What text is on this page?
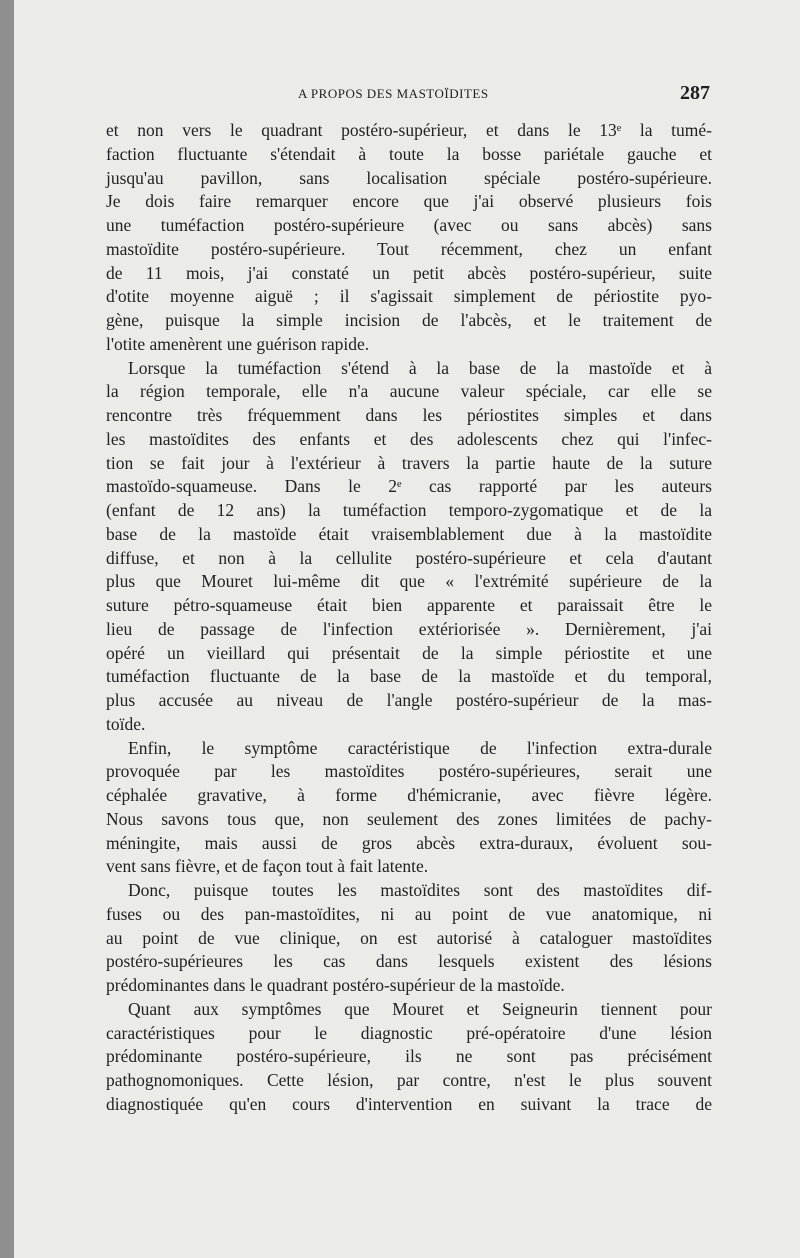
A PROPOS DES MASTOÏDITES	287
et non vers le quadrant postéro-supérieur, et dans le 13ᵉ la tumé-
faction fluctuante s'étendait à toute la bosse pariétale gauche et
jusqu'au pavillon, sans localisation spéciale postéro-supérieure.
Je dois faire remarquer encore que j'ai observé plusieurs fois
une tuméfaction postéro-supérieure (avec ou sans abcès) sans
mastoïdite postéro-supérieure. Tout récemment, chez un enfant
de 11 mois, j'ai constaté un petit abcès postéro-supérieur, suite
d'otite moyenne aiguë ; il s'agissait simplement de périostite pyo-
gène, puisque la simple incision de l'abcès, et le traitement de
l'otite amenèrent une guérison rapide.
Lorsque la tuméfaction s'étend à la base de la mastoïde et à
la région temporale, elle n'a aucune valeur spéciale, car elle se
rencontre très fréquemment dans les périostites simples et dans
les mastoïdites des enfants et des adolescents chez qui l'infec-
tion se fait jour à l'extérieur à travers la partie haute de la suture
mastoïdo-squameuse. Dans le 2ᵉ cas rapporté par les auteurs
(enfant de 12 ans) la tuméfaction temporo-zygomatique et de la
base de la mastoïde était vraisemblablement due à la mastoïdite
diffuse, et non à la cellulite postéro-supérieure et cela d'autant
plus que Mouret lui-même dit que « l'extrémité supérieure de la
suture pétro-squameuse était bien apparente et paraissait être le
lieu de passage de l'infection extériorisée ». Dernièrement, j'ai
opéré un vieillard qui présentait de la simple périostite et une
tuméfaction fluctuante de la base de la mastoïde et du temporal,
plus accusée au niveau de l'angle postéro-supérieur de la mas-
toïde.
Enfin, le symptôme caractéristique de l'infection extra-durale
provoquée par les mastoïdites postéro-supérieures, serait une
céphalée gravative, à forme d'hémicranie, avec fièvre légère.
Nous savons tous que, non seulement des zones limitées de pachy-
méningite, mais aussi de gros abcès extra-duraux, évoluent sou-
vent sans fièvre, et de façon tout à fait latente.
Donc, puisque toutes les mastoïdites sont des mastoïdites dif-
fuses ou des pan-mastoïdites, ni au point de vue anatomique, ni
au point de vue clinique, on est autorisé à cataloguer mastoïdites
postéro-supérieures les cas dans lesquels existent des lésions
prédominantes dans le quadrant postéro-supérieur de la mastoïde.
Quant aux symptômes que Mouret et Seigneurin tiennent pour
caractéristiques pour le diagnostic pré-opératoire d'une lésion
prédominante postéro-supérieure, ils ne sont pas précisément
pathognomoniques. Cette lésion, par contre, n'est le plus souvent
diagnostiquée qu'en cours d'intervention en suivant la trace de
